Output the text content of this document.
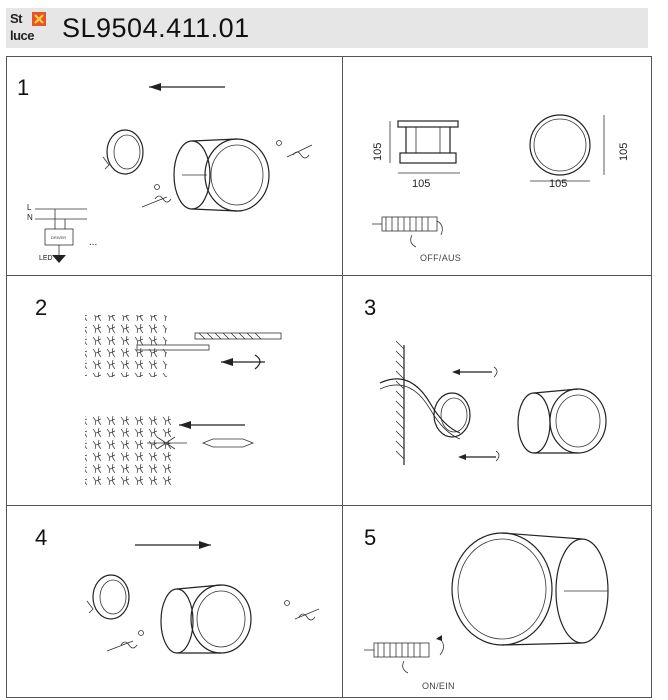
St
luce SL9504.411.01
1
DRIVER
L
N
LED
...
105
105	105
105
OFF/AUS
2	3
4	5
ON/EIN
